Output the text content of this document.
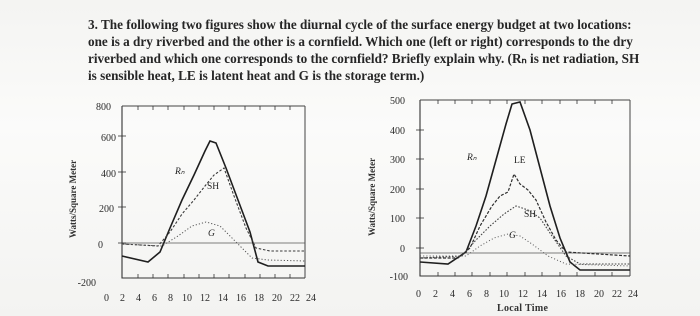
3. The following two figures show the diurnal cycle of the surface energy budget at two locations:
one is a dry riverbed and the other is a cornfield. Which one (left or right) corresponds to the dry
riverbed and which one corresponds to the cornfield? Briefly explain why. (Rₙ is net radiation, SH
is sensible heat, LE is latent heat and G is the storage term.)
Watts/Square Meter
800
600
400
200
0
-200
0 2 4 6 8 10 12 14 16 18 20 22 24
Rₙ
SH
G	Watts/Square Meter
500
400
300
200
100
0
-100
0 2 4 6 8 10 12 14 16 18 20 22 24
Rₙ	LE
SH
G
Local Time
